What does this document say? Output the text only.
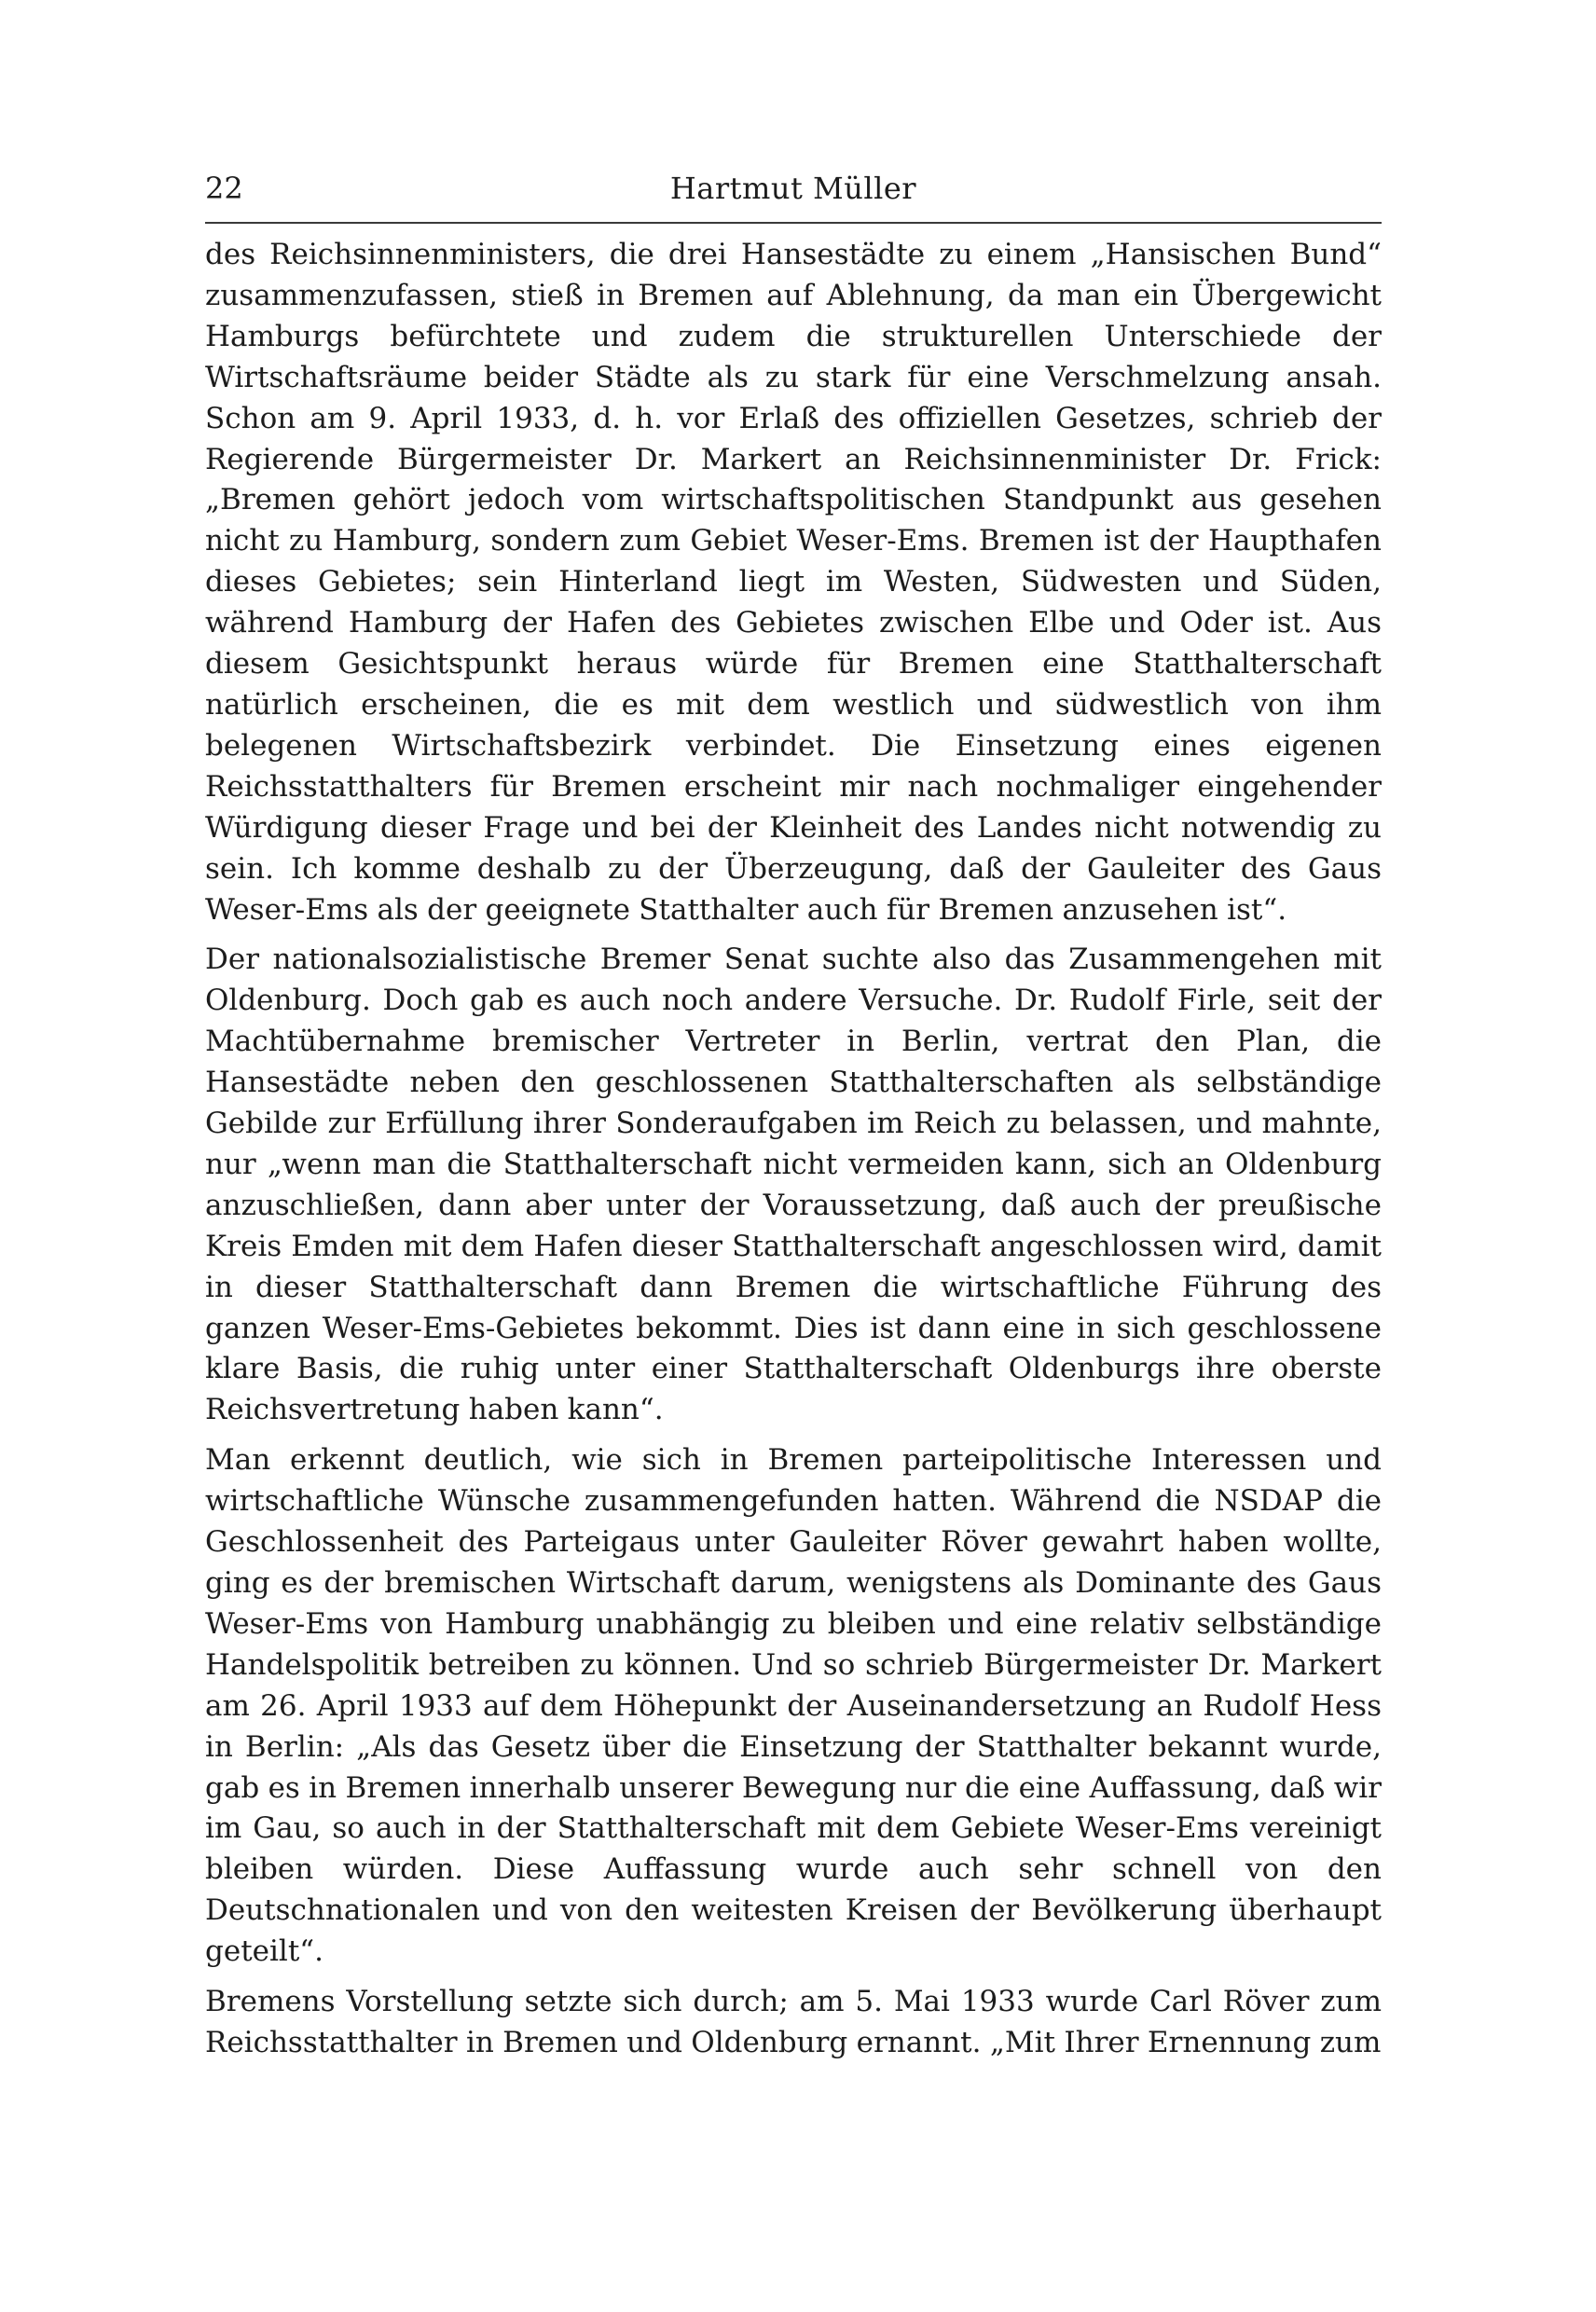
22	Hartmut Müller

des Reichsinnenministers, die drei Hansestädte zu einem „Hansischen Bund“ zusammenzufassen, stieß in Bremen auf Ablehnung, da man ein Übergewicht Hamburgs befürchtete und zudem die strukturellen Unterschiede der Wirtschaftsräume beider Städte als zu stark für eine Verschmelzung ansah. Schon am 9. April 1933, d. h. vor Erlaß des offiziellen Gesetzes, schrieb der Regierende Bürgermeister Dr. Markert an Reichsinnenminister Dr. Frick: „Bremen gehört jedoch vom wirtschaftspolitischen Standpunkt aus gesehen nicht zu Hamburg, sondern zum Gebiet Weser-Ems. Bremen ist der Haupthafen dieses Gebietes; sein Hinterland liegt im Westen, Südwesten und Süden, während Hamburg der Hafen des Gebietes zwischen Elbe und Oder ist. Aus diesem Gesichtspunkt heraus würde für Bremen eine Statthalterschaft natürlich erscheinen, die es mit dem westlich und südwestlich von ihm belegenen Wirtschaftsbezirk verbindet. Die Einsetzung eines eigenen Reichsstatthalters für Bremen erscheint mir nach nochmaliger eingehender Würdigung dieser Frage und bei der Kleinheit des Landes nicht notwendig zu sein. Ich komme deshalb zu der Überzeugung, daß der Gauleiter des Gaus Weser-Ems als der geeignete Statthalter auch für Bremen anzusehen ist“.

Der nationalsozialistische Bremer Senat suchte also das Zusammengehen mit Oldenburg. Doch gab es auch noch andere Versuche. Dr. Rudolf Firle, seit der Machtübernahme bremischer Vertreter in Berlin, vertrat den Plan, die Hansestädte neben den geschlossenen Statthalterschaften als selbständige Gebilde zur Erfüllung ihrer Sonderaufgaben im Reich zu belassen, und mahnte, nur „wenn man die Statthalterschaft nicht vermeiden kann, sich an Oldenburg anzuschließen, dann aber unter der Voraussetzung, daß auch der preußische Kreis Emden mit dem Hafen dieser Statthalterschaft angeschlossen wird, damit in dieser Statthalterschaft dann Bremen die wirtschaftliche Führung des ganzen Weser-Ems-Gebietes bekommt. Dies ist dann eine in sich geschlossene klare Basis, die ruhig unter einer Statthalterschaft Oldenburgs ihre oberste Reichsvertretung haben kann“.

Man erkennt deutlich, wie sich in Bremen parteipolitische Interessen und wirtschaftliche Wünsche zusammengefunden hatten. Während die NSDAP die Geschlossenheit des Parteigaus unter Gauleiter Röver gewahrt haben wollte, ging es der bremischen Wirtschaft darum, wenigstens als Dominante des Gaus Weser-Ems von Hamburg unabhängig zu bleiben und eine relativ selbständige Handelspolitik betreiben zu können. Und so schrieb Bürgermeister Dr. Markert am 26. April 1933 auf dem Höhepunkt der Auseinandersetzung an Rudolf Hess in Berlin: „Als das Gesetz über die Einsetzung der Statthalter bekannt wurde, gab es in Bremen innerhalb unserer Bewegung nur die eine Auffassung, daß wir im Gau, so auch in der Statthalterschaft mit dem Gebiete Weser-Ems vereinigt bleiben würden. Diese Auffassung wurde auch sehr schnell von den Deutschnationalen und von den weitesten Kreisen der Bevölkerung überhaupt geteilt“.

Bremens Vorstellung setzte sich durch; am 5. Mai 1933 wurde Carl Röver zum Reichsstatthalter in Bremen und Oldenburg ernannt. „Mit Ihrer Ernennung zum
